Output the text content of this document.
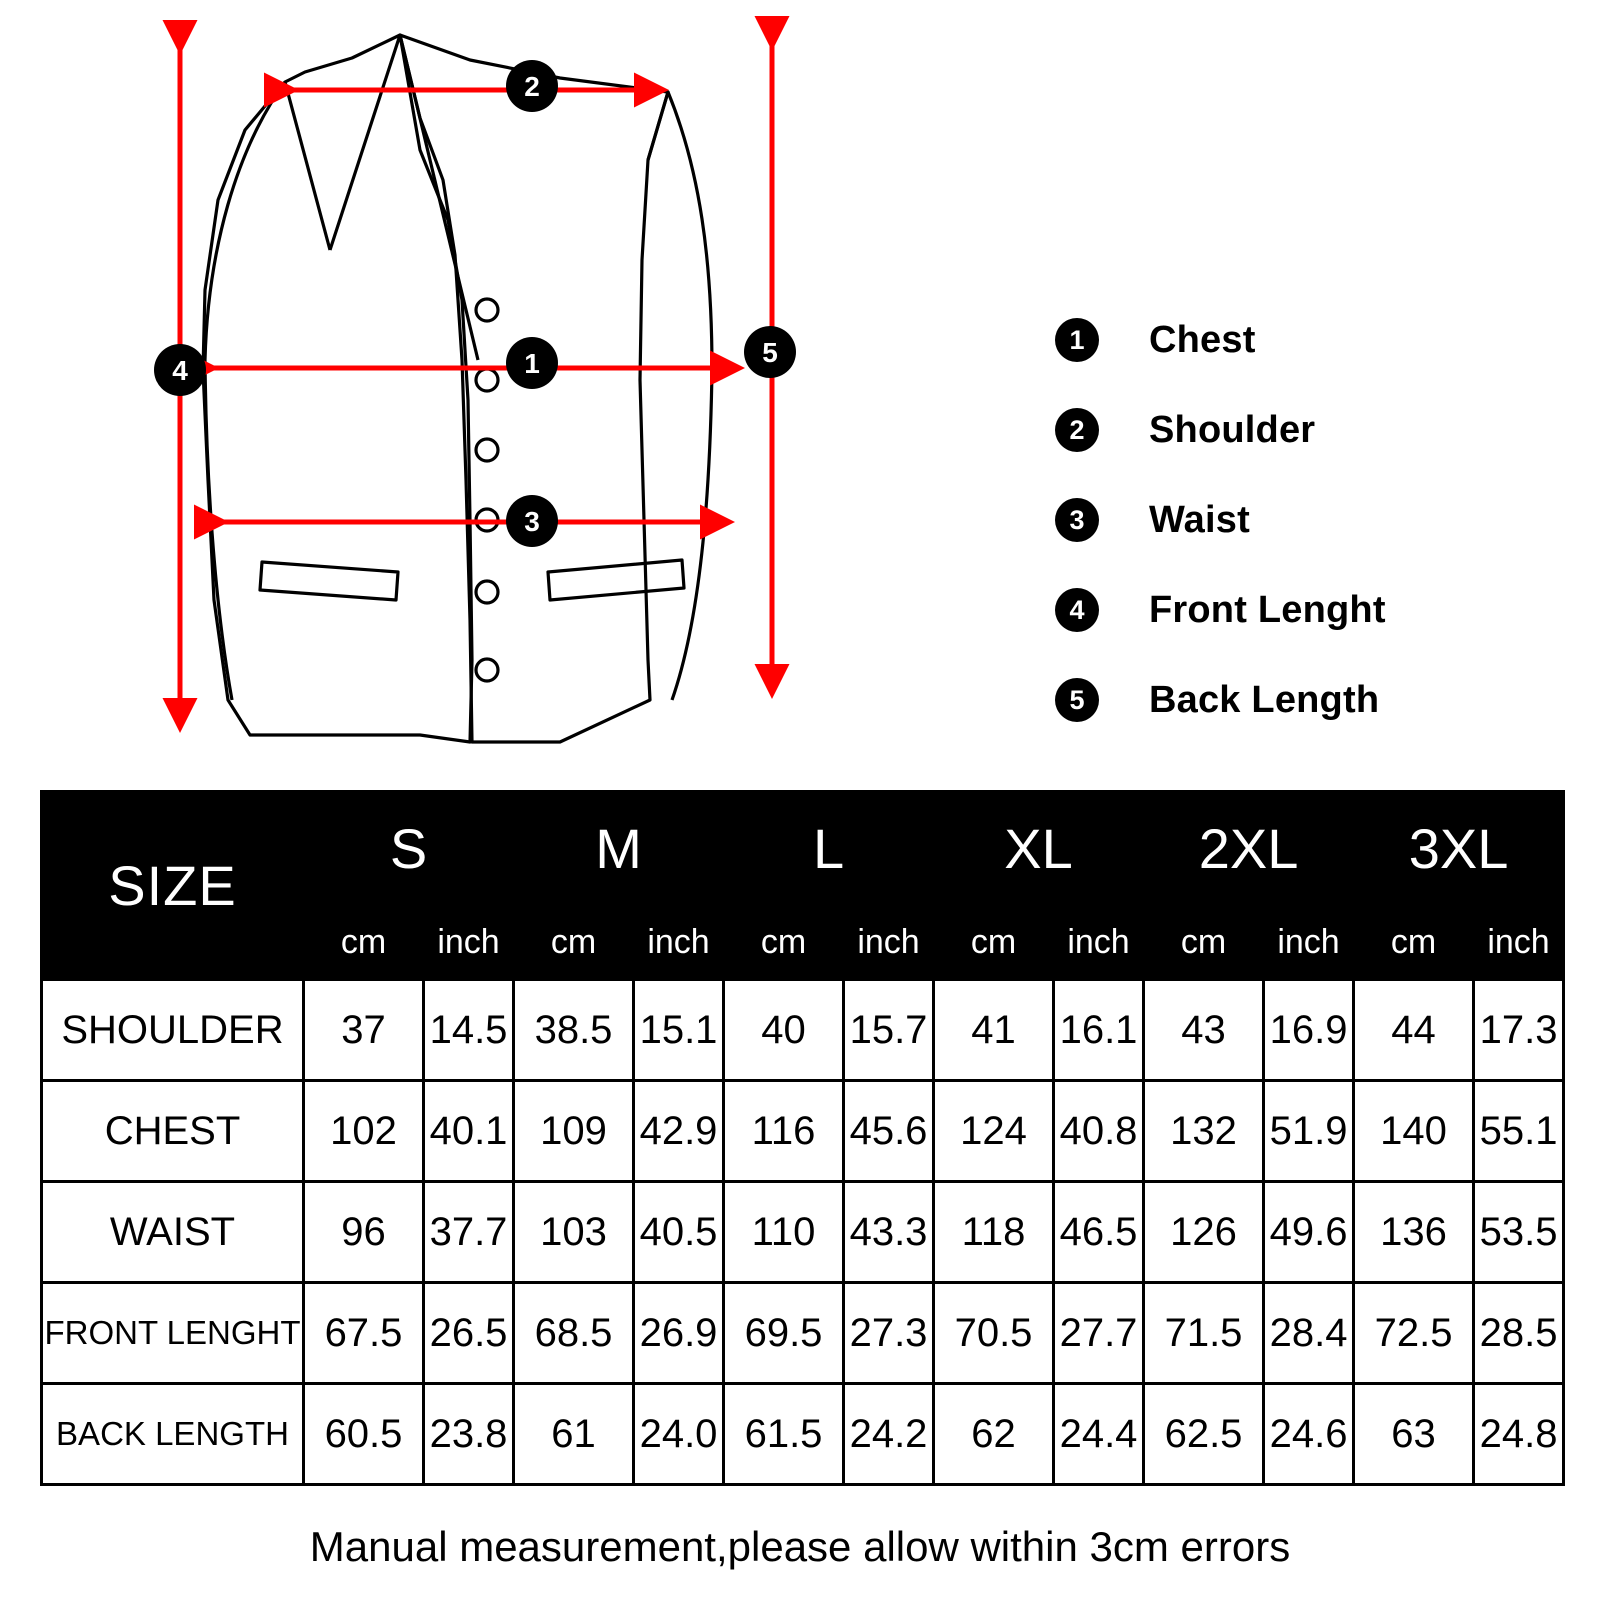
2
1
3
4
5	1	Chest
2	Shoulder
3	Waist
4	Front Lenght
5	Back Length
SIZE	S		M		L		XL		2XL		3XL	
	cm	inch	cm	inch	cm	inch	cm	inch	cm	inch	cm	inch
SHOULDER	37	14.5	38.5	15.1	40	15.7	41	16.1	43	16.9	44	17.3
CHEST	102	40.1	109	42.9	116	45.6	124	40.8	132	51.9	140	55.1
WAIST	96	37.7	103	40.5	110	43.3	118	46.5	126	49.6	136	53.5
FRONT LENGHT	67.5	26.5	68.5	26.9	69.5	27.3	70.5	27.7	71.5	28.4	72.5	28.5
BACK LENGTH	60.5	23.8	61	24.0	61.5	24.2	62	24.4	62.5	24.6	63	24.8
Manual measurement,please allow within 3cm errors
